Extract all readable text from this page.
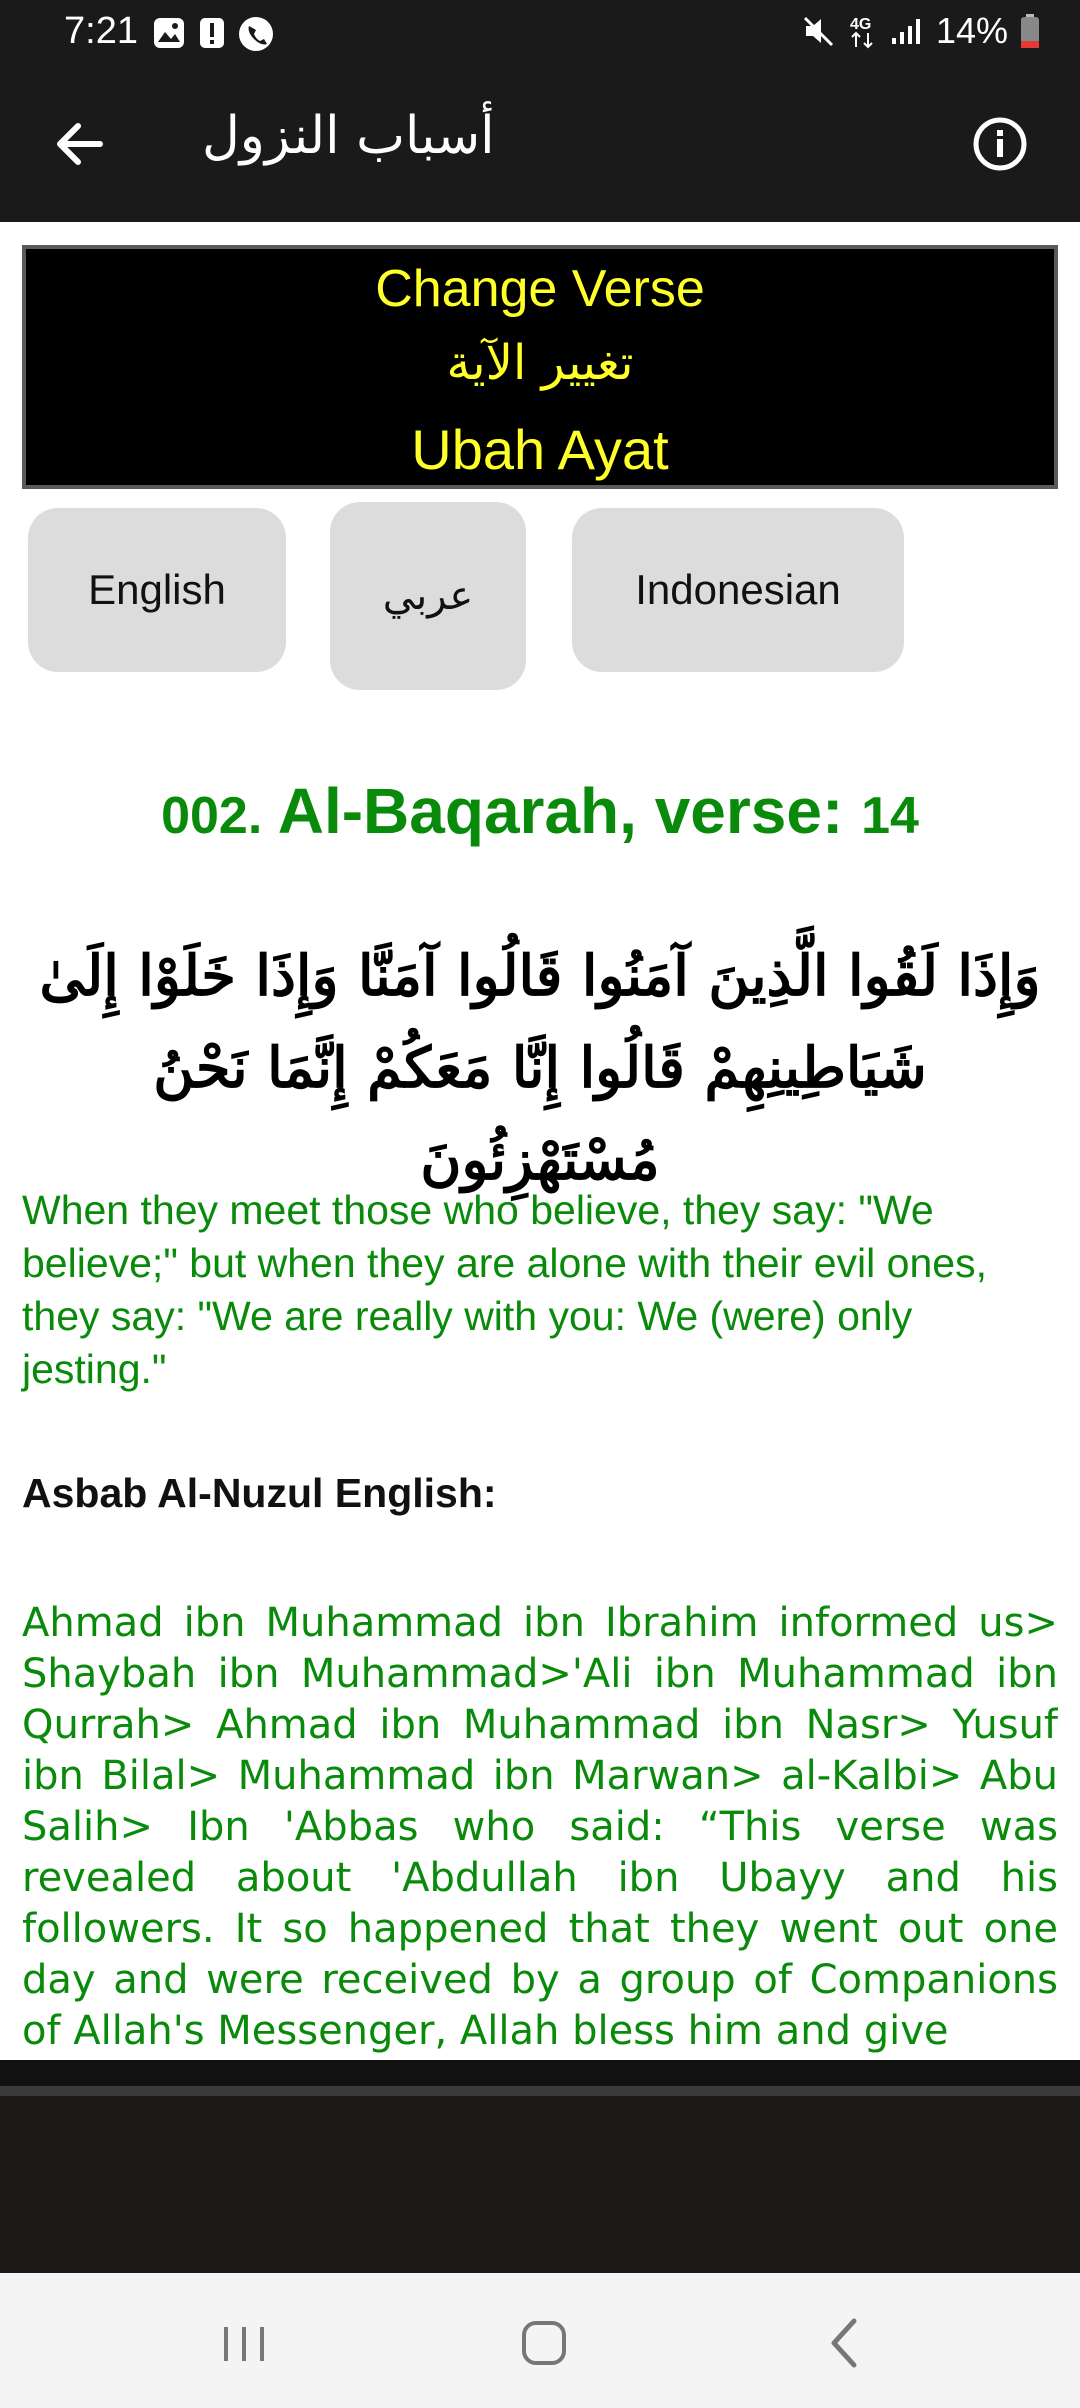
7:21	4G 14%
أسباب النزول
Change Verse
تغيير الآية
Ubah Ayat
English	عربي	Indonesian
002. Al-Baqarah, verse: 14
وَإِذَا لَقُوا الَّذِينَ آمَنُوا قَالُوا آمَنَّا وَإِذَا خَلَوْا إِلَىٰ شَيَاطِينِهِمْ قَالُوا إِنَّا مَعَكُمْ إِنَّمَا نَحْنُ مُسْتَهْزِئُونَ
When they meet those who believe, they say: "We believe;" but when they are alone with their evil ones, they say: "We are really with you: We (were) only jesting."
Asbab Al-Nuzul English:
Ahmad ibn Muhammad ibn Ibrahim informed us> Shaybah ibn Muhammad>'Ali ibn Muhammad ibn Qurrah> Ahmad ibn Muhammad ibn Nasr> Yusuf ibn Bilal> Muhammad ibn Marwan> al-Kalbi> Abu Salih> Ibn 'Abbas who said: “This verse was revealed about 'Abdullah ibn Ubayy and his followers. It so happened that they went out one day and were received by a group of Companions of Allah's Messenger, Allah bless him and give
